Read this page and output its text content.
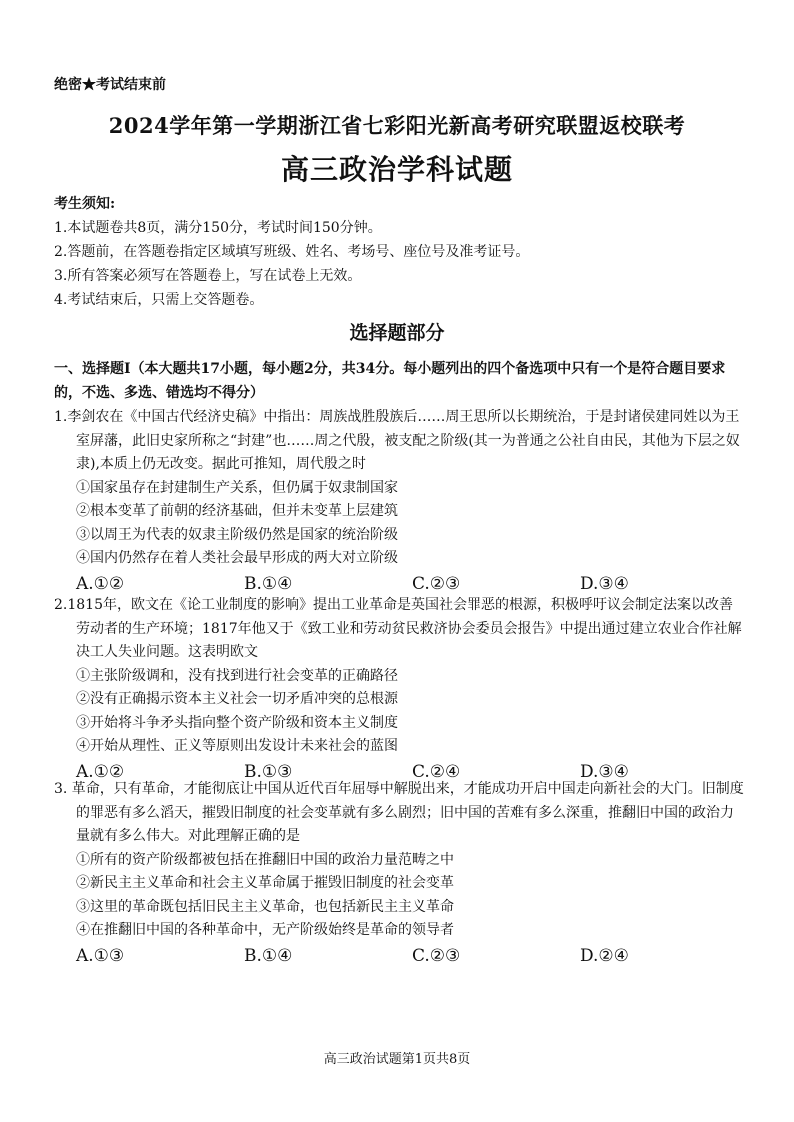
绝密★考试结束前
2024学年第一学期浙江省七彩阳光新高考研究联盟返校联考
高三政治学科试题
考生须知:
1.本试题卷共8页，满分150分，考试时间150分钟。
2.答题前，在答题卷指定区域填写班级、姓名、考场号、座位号及准考证号。
3.所有答案必须写在答题卷上，写在试卷上无效。
4.考试结束后，只需上交答题卷。
选择题部分
一、选择题I（本大题共17小题，每小题2分，共34分。每小题列出的四个备选项中只有一个是符合题目要求的，不选、多选、错选均不得分）
1.李剑农在《中国古代经济史稿》中指出：周族战胜殷族后……周王思所以长期统治，于是封诸侯建同姓以为王室屏藩，此旧史家所称之“封建”也……周之代殷，被支配之阶级(其一为普通之公社自由民，其他为下层之奴隶),本质上仍无改变。据此可推知，周代殷之时
①国家虽存在封建制生产关系，但仍属于奴隶制国家
②根本变革了前朝的经济基础，但并未变革上层建筑
③以周王为代表的奴隶主阶级仍然是国家的统治阶级
④国内仍然存在着人类社会最早形成的两大对立阶级
A.①②	B.①④	C.②③	D.③④
2.1815年，欧文在《论工业制度的影响》提出工业革命是英国社会罪恶的根源，积极呼吁议会制定法案以改善劳动者的生产环境；1817年他又于《致工业和劳动贫民救济协会委员会报告》中提出通过建立农业合作社解决工人失业问题。这表明欧文
①主张阶级调和，没有找到进行社会变革的正确路径
②没有正确揭示资本主义社会一切矛盾冲突的总根源
③开始将斗争矛头指向整个资产阶级和资本主义制度
④开始从理性、正义等原则出发设计未来社会的蓝图
A.①②	B.①③	C.②④	D.③④
3. 革命，只有革命，才能彻底让中国从近代百年屈辱中解脱出来，才能成功开启中国走向新社会的大门。旧制度的罪恶有多么滔天，摧毁旧制度的社会变革就有多么剧烈；旧中国的苦难有多么深重，推翻旧中国的政治力量就有多么伟大。对此理解正确的是
①所有的资产阶级都被包括在推翻旧中国的政治力量范畴之中
②新民主主义革命和社会主义革命属于摧毁旧制度的社会变革
③这里的革命既包括旧民主主义革命，也包括新民主主义革命
④在推翻旧中国的各种革命中，无产阶级始终是革命的领导者
A.①③	B.①④	C.②③	D.②④
高三政治试题第1页共8页
